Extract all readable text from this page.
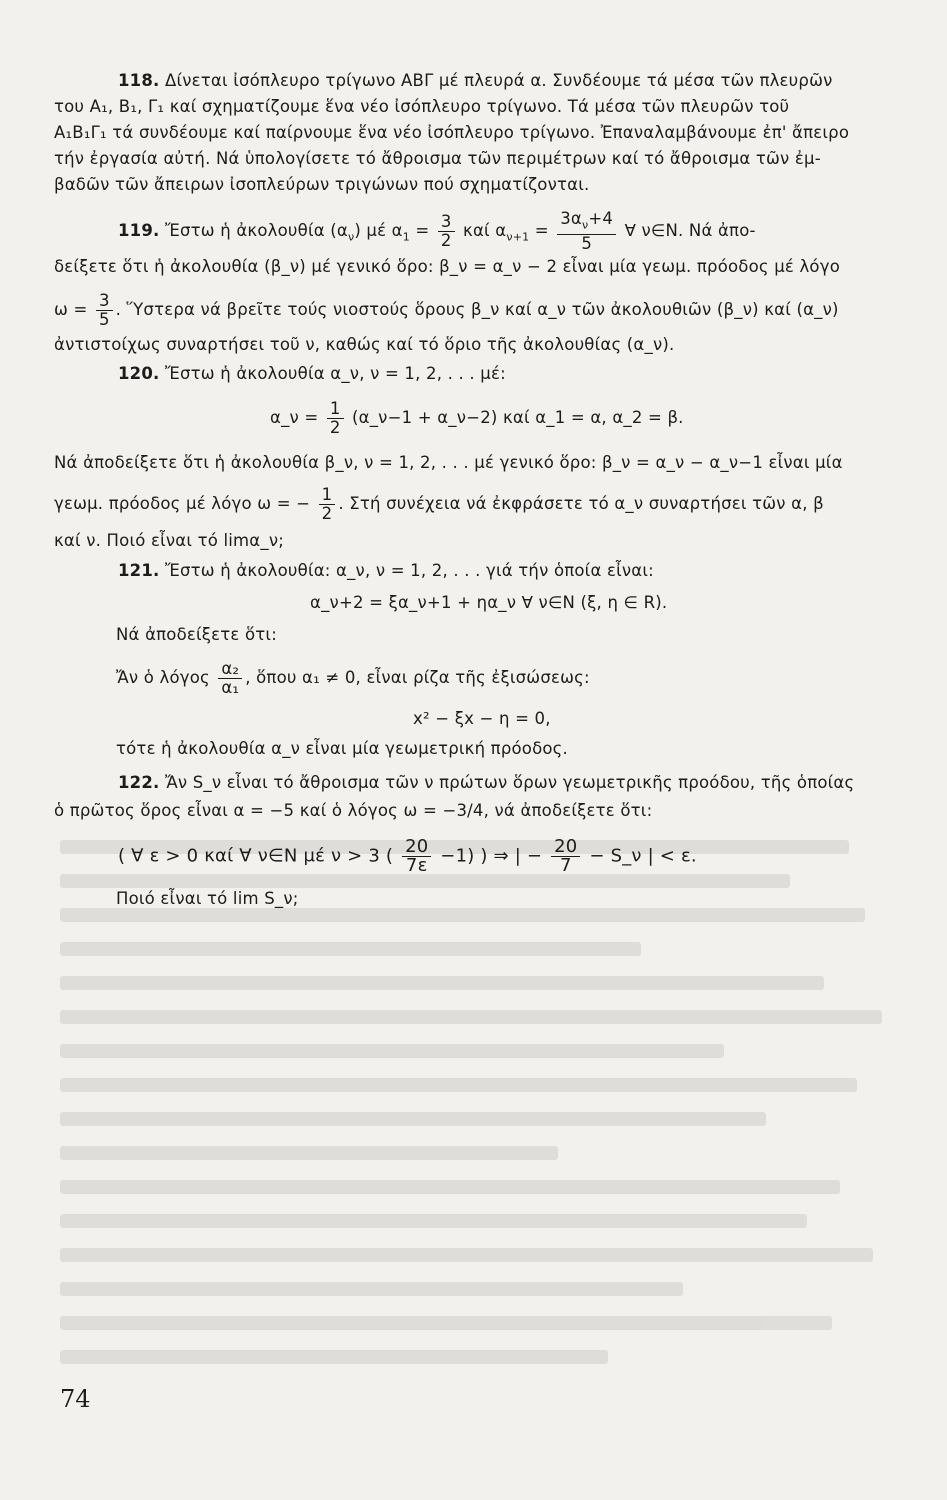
118. Δίνεται ἰσόπλευρο τρίγωνο ΑΒΓ μέ πλευρά α. Συνδέουμε τά μέσα τῶν πλευρῶν
του Α₁, Β₁, Γ₁ καί σχηματίζουμε ἕνα νέο ἰσόπλευρο τρίγωνο. Τά μέσα τῶν πλευρῶν τοῦ
Α₁Β₁Γ₁ τά συνδέουμε καί παίρνουμε ἕνα νέο ἰσόπλευρο τρίγωνο. Ἐπαναλαμβάνουμε ἐπ' ἄπειρο
τήν ἐργασία αὐτή. Νά ὑπολογίσετε τό ἄθροισμα τῶν περιμέτρων καί τό ἄθροισμα τῶν ἐμ-
βαδῶν τῶν ἄπειρων ἰσοπλεύρων τριγώνων πού σχηματίζονται.
119. Ἔστω ἡ ἀκολουθία $(\alpha_\nu)$ μέ $\alpha_1 = \frac{3}{2}$ καί $\alpha_{\nu+1} = \frac{3\alpha_\nu+4}{5}$ ∀ ν∈N. Νά ἀπο-
δείξετε ὅτι ἡ ἀκολουθία (β_ν) μέ γενικό ὅρο: β_ν = α_ν − 2 εἶναι μία γεωμ. πρόοδος μέ λόγο
$\omega = \frac{3}{5}$ . Ὕστερα νά βρεῖτε τούς νιοστούς ὅρους β_ν καί α_ν τῶν ἀκολουθιῶν (β_ν) καί (α_ν)
ἀντιστοίχως συναρτήσει τοῦ ν, καθώς καί τό ὅριο τῆς ἀκολουθίας (α_ν).
120. Ἔστω ἡ ἀκολουθία α_ν, ν = 1, 2, . . . μέ:
α_ν = $\frac{1}{2}$ (α_ν−1 + α_ν−2) καί α_1 = α, α_2 = β.
Νά ἀποδείξετε ὅτι ἡ ἀκολουθία β_ν, ν = 1, 2, . . . μέ γενικό ὅρο: β_ν = α_ν − α_ν−1 εἶναι μία
γεωμ. πρόοδος μέ λόγο ω = − $\frac{1}{2}$ . Στή συνέχεια νά ἐκφράσετε τό α_ν συναρτήσει τῶν α, β
καί ν. Ποιό εἶναι τό limα_ν;
121. Ἔστω ἡ ἀκολουθία: α_ν, ν = 1, 2, . . . γιά τήν ὁποία εἶναι:
α_ν+2 = ξα_ν+1 + ηα_ν ∀ ν∈N (ξ, η ∈ R).
Νά ἀποδείξετε ὅτι:
Ἄν ὁ λόγος $\frac{\text{α₂}}{\text{α₁}}$ , ὅπου α₁ ≠ 0, εἶναι ρίζα τῆς ἐξισώσεως:
x² − ξx − η = 0,
τότε ἡ ἀκολουθία α_ν εἶναι μία γεωμετρική πρόοδος.
122. Ἄν S_ν εἶναι τό ἄθροισμα τῶν ν πρώτων ὅρων γεωμετρικῆς προόδου, τῆς ὁποίας
ὁ πρῶτος ὅρος εἶναι α = −5 καί ὁ λόγος ω = −3/4, νά ἀποδείξετε ὅτι:
( ∀ ε > 0 καί ∀ ν∈N μέ ν > 3 ( $\frac{20}{7\varepsilon} -1$) ) ⇒ | − $\frac{20}{7}$ − S_ν | < ε.
Ποιό εἶναι τό lim S_ν;
74
